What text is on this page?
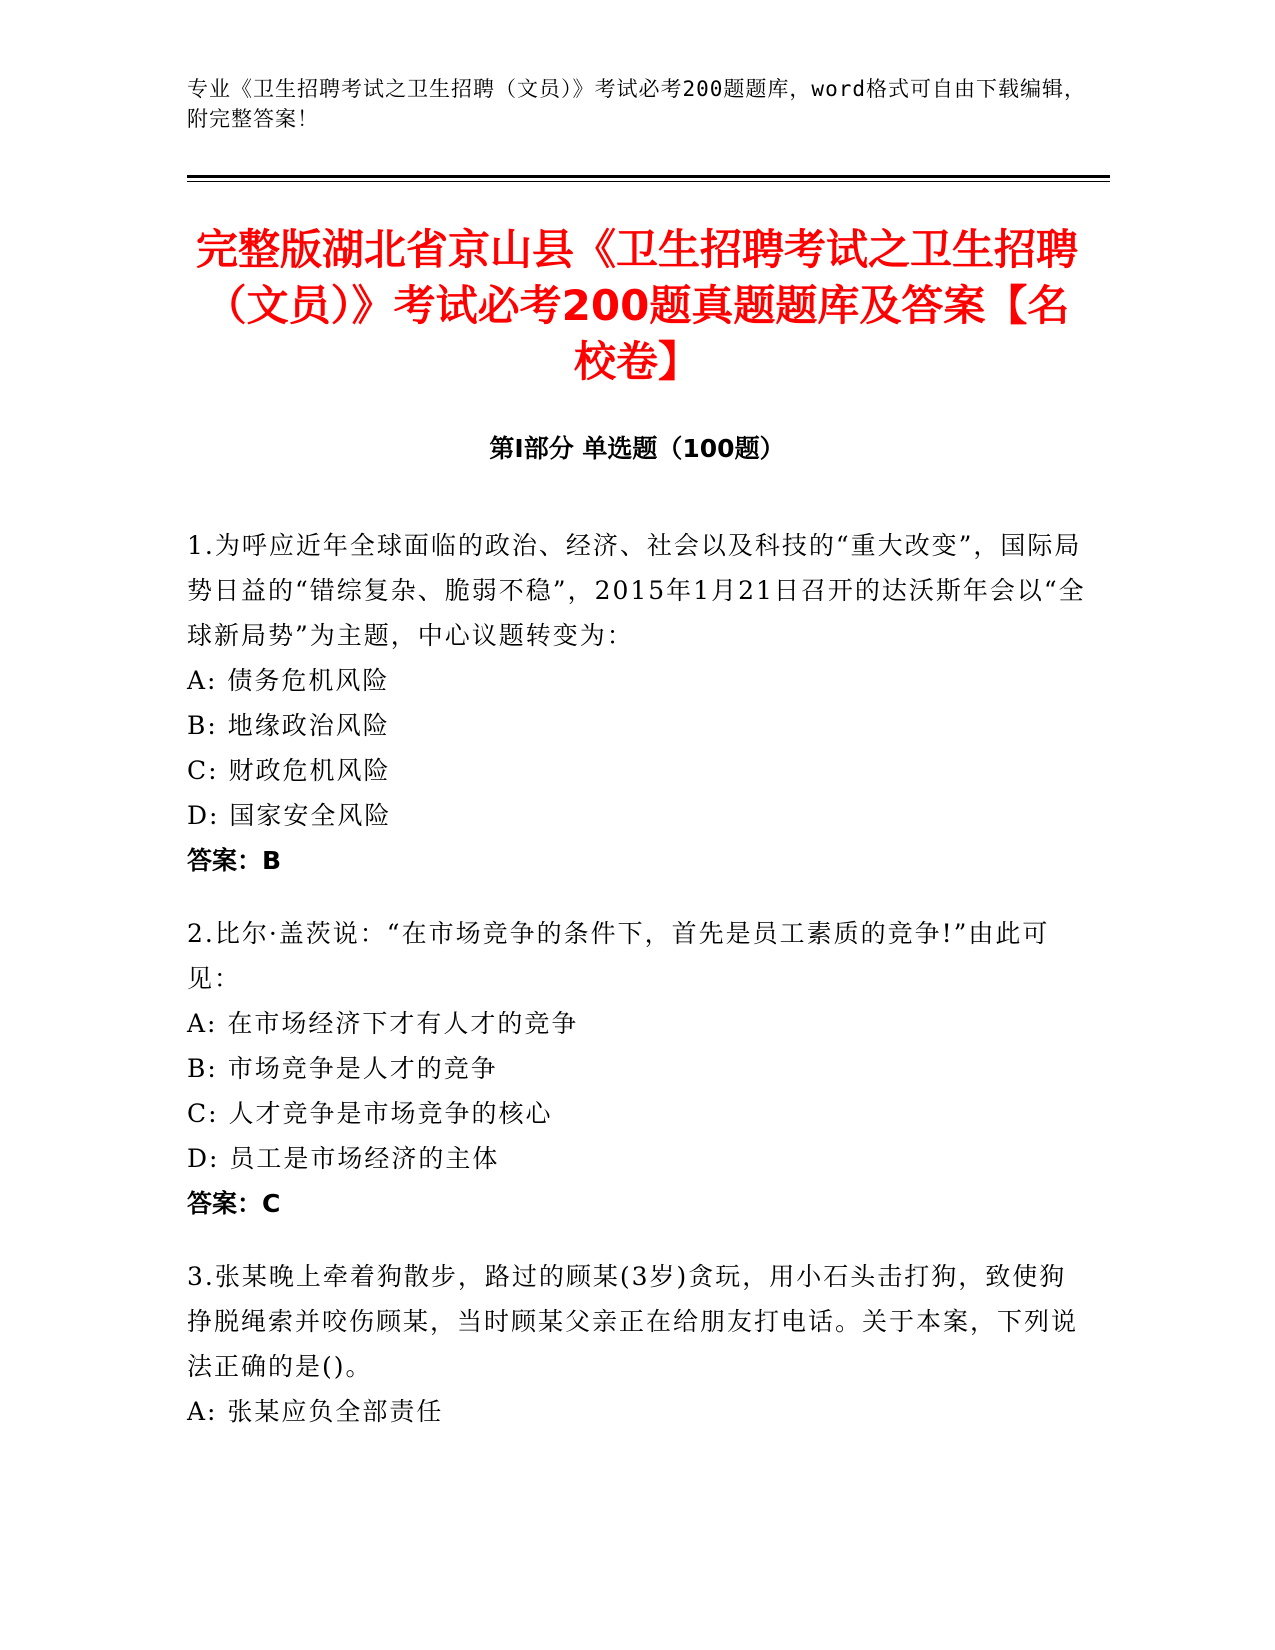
专业《卫生招聘考试之卫生招聘（文员）》考试必考200题题库，word格式可自由下载编辑，附完整答案！
完整版湖北省京山县《卫生招聘考试之卫生招聘（文员）》考试必考200题真题题库及答案【名校卷】
第I部分 单选题（100题）

1.为呼应近年全球面临的政治、经济、社会以及科技的“重大改变”，国际局势日益的“错综复杂、脆弱不稳”，2015年1月21日召开的达沃斯年会以“全球新局势”为主题，中心议题转变为：

A: 债务危机风险

B: 地缘政治风险

C: 财政危机风险

D: 国家安全风险

答案：B

2.比尔·盖茨说：“在市场竞争的条件下，首先是员工素质的竞争!”由此可见：

A: 在市场经济下才有人才的竞争

B: 市场竞争是人才的竞争

C: 人才竞争是市场竞争的核心

D: 员工是市场经济的主体

答案：C

3.张某晚上牵着狗散步，路过的顾某(3岁)贪玩，用小石头击打狗，致使狗挣脱绳索并咬伤顾某，当时顾某父亲正在给朋友打电话。关于本案，下列说法正确的是()。

A: 张某应负全部责任
